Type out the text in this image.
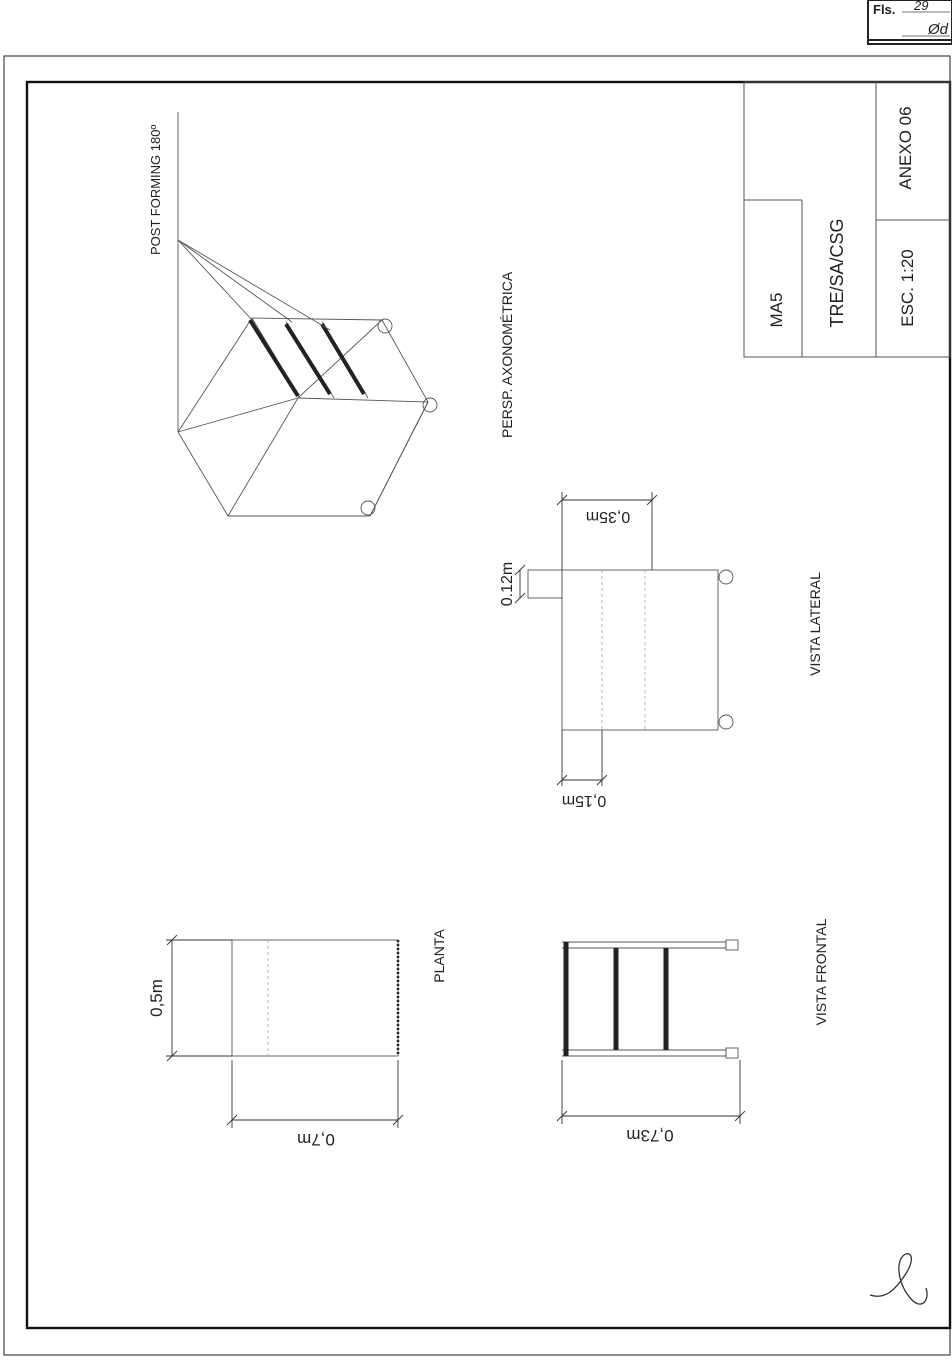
Fls. 29
Ød
MA5 TRE/SA/CSG	ESC. 1:20
ANEXO 06
POST FORMING 180º
PERSP. AXONOMÉTRICA
0,35m
0.12m
0,15m
VISTA LATERAL
0,5m
0,7m
PLANTA
0,73m
VISTA FRONTAL
